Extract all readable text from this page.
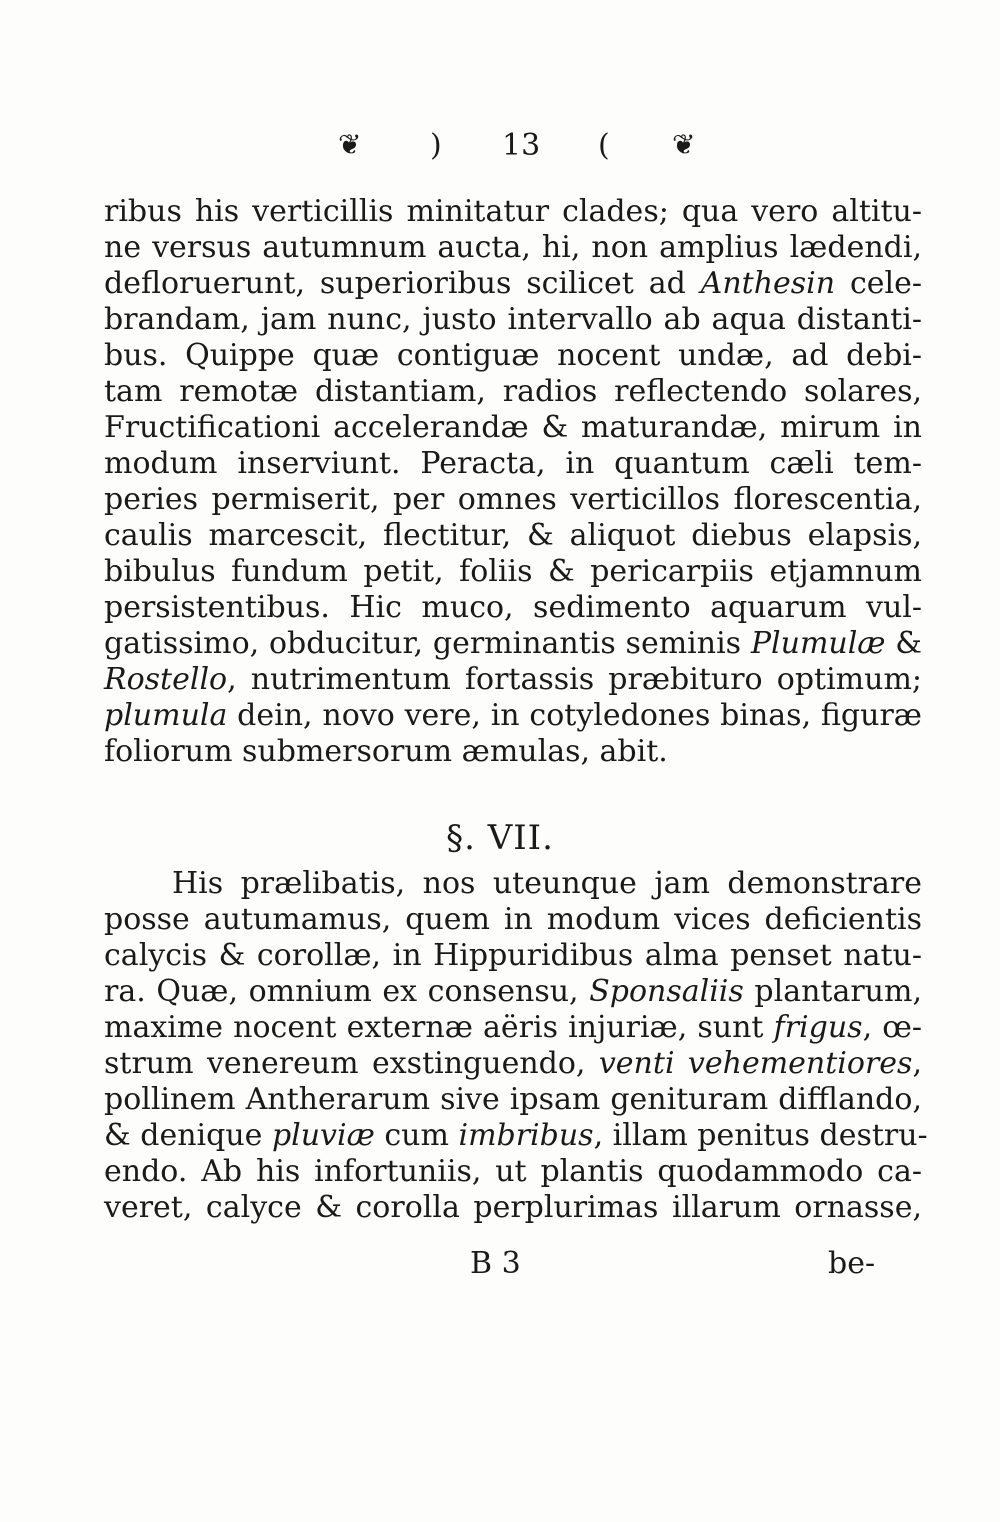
❦ ) 13 ( ❦
ribus his verticillis minitatur clades; qua vero altitu-
ne versus autumnum aucta, hi, non amplius lædendi,
defloruerunt, superioribus scilicet ad Anthesin cele-
brandam, jam nunc, justo intervallo ab aqua distanti-
bus. Quippe quæ contiguæ nocent undæ, ad debi-
tam remotæ distantiam, radios reflectendo solares,
Fructificationi accelerandæ & maturandæ, mirum in
modum inserviunt. Peracta, in quantum cæli tem-
peries permiserit, per omnes verticillos florescentia,
caulis marcescit, flectitur, & aliquot diebus elapsis,
bibulus fundum petit, foliis & pericarpiis etjamnum
persistentibus. Hic muco, sedimento aquarum vul-
gatissimo, obducitur, germinantis seminis Plumulæ &
Rostello, nutrimentum fortassis præbituro optimum;
plumula dein, novo vere, in cotyledones binas, figuræ
foliorum submersorum æmulas, abit.
§. VII.
His prælibatis, nos uteunque jam demonstrare
posse autumamus, quem in modum vices deficientis
calycis & corollæ, in Hippuridibus alma penset natu-
ra. Quæ, omnium ex consensu, Sponsaliis plantarum,
maxime nocent externæ aëris injuriæ, sunt frigus, œ-
strum venereum exstinguendo, venti vehementiores,
pollinem Antherarum sive ipsam genituram difflando,
& denique pluviæ cum imbribus, illam penitus destru-
endo. Ab his infortuniis, ut plantis quodammodo ca-
veret, calyce & corolla perplurimas illarum ornasse,
B 3	be-
